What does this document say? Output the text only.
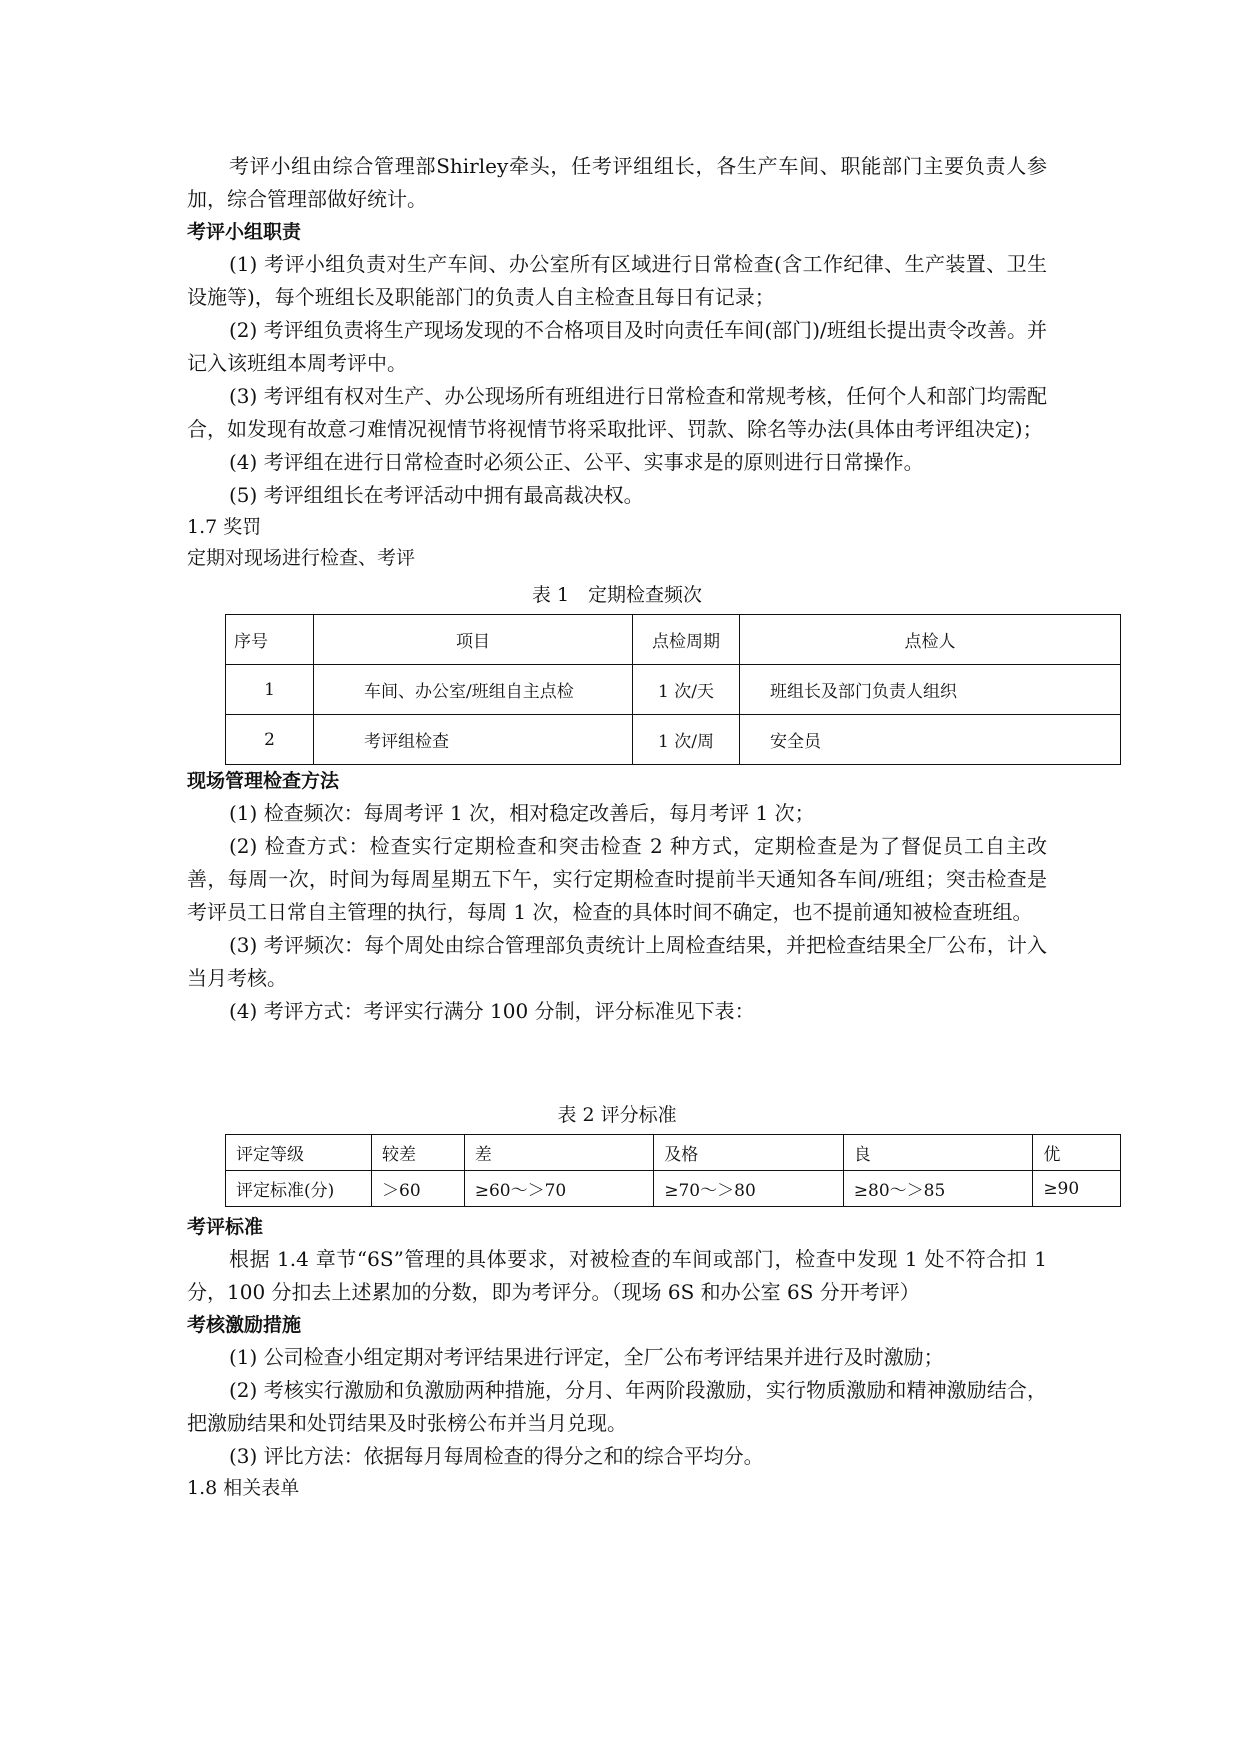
考评小组由综合管理部Shirley牵头，任考评组组长，各生产车间、职能部门主要负责人参加，综合管理部做好统计。

考评小组职责

(1) 考评小组负责对生产车间、办公室所有区域进行日常检查(含工作纪律、生产装置、卫生设施等)，每个班组长及职能部门的负责人自主检查且每日有记录；

(2) 考评组负责将生产现场发现的不合格项目及时向责任车间(部门)/班组长提出责令改善。并记入该班组本周考评中。

(3) 考评组有权对生产、办公现场所有班组进行日常检查和常规考核，任何个人和部门均需配合，如发现有故意刁难情况视情节将视情节将采取批评、罚款、除名等办法(具体由考评组决定)；

(4) 考评组在进行日常检查时必须公正、公平、实事求是的原则进行日常操作。

(5) 考评组组长在考评活动中拥有最高裁决权。

1.7 奖罚

定期对现场进行检查、考评

表 1　定期检查频次

序号	项目	点检周期	点检人
1	车间、办公室/班组自主点检	1 次/天	班组长及部门负责人组织
2	考评组检查	1 次/周	安全员

现场管理检查方法

(1) 检查频次：每周考评 1 次，相对稳定改善后，每月考评 1 次；

(2) 检查方式：检查实行定期检查和突击检查 2 种方式，定期检查是为了督促员工自主改善，每周一次，时间为每周星期五下午，实行定期检查时提前半天通知各车间/班组；突击检查是考评员工日常自主管理的执行，每周 1 次，检查的具体时间不确定，也不提前通知被检查班组。

(3) 考评频次：每个周处由综合管理部负责统计上周检查结果，并把检查结果全厂公布，计入当月考核。

(4) 考评方式：考评实行满分 100 分制，评分标准见下表：

表 2 评分标准

评定等级	较差	差	及格	良	优
评定标准(分)	＞60	≥60～＞70	≥70～＞80	≥80～＞85	≥90

考评标准

根据 1.4 章节“6S”管理的具体要求，对被检查的车间或部门，检查中发现 1 处不符合扣 1 分，100 分扣去上述累加的分数，即为考评分。（现场 6S 和办公室 6S 分开考评）

考核激励措施

(1) 公司检查小组定期对考评结果进行评定，全厂公布考评结果并进行及时激励；

(2) 考核实行激励和负激励两种措施，分月、年两阶段激励，实行物质激励和精神激励结合，把激励结果和处罚结果及时张榜公布并当月兑现。

(3) 评比方法：依据每月每周检查的得分之和的综合平均分。

1.8 相关表单
